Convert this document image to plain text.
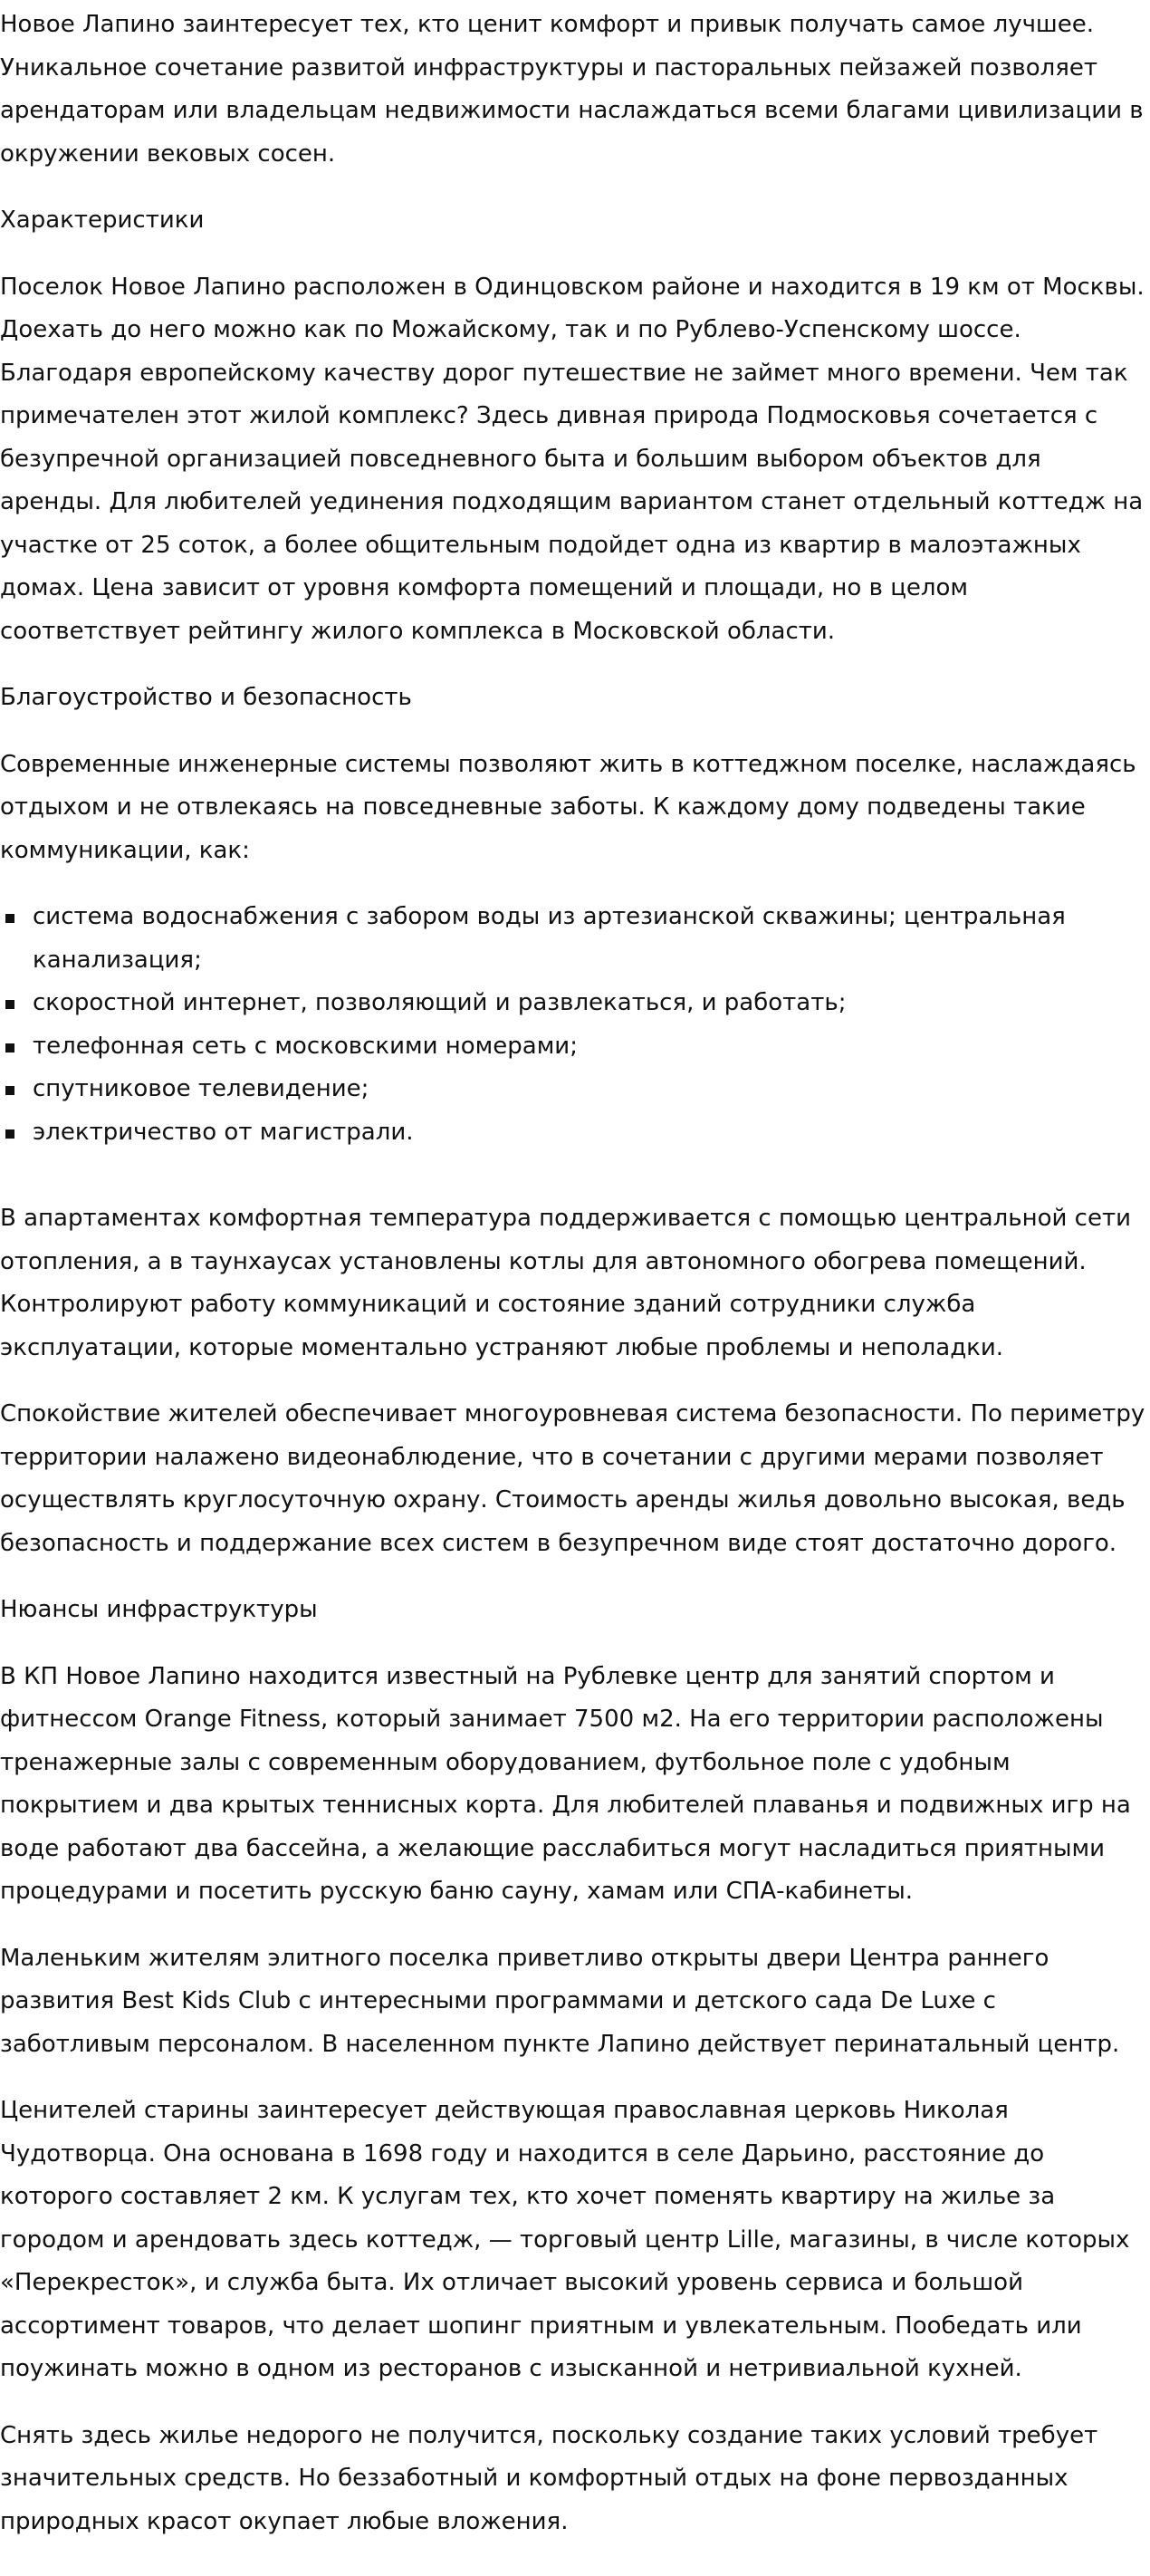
Новое Лапино заинтересует тех, кто ценит комфорт и привык получать самое лучшее. Уникальное сочетание развитой инфраструктуры и пасторальных пейзажей позволяет арендаторам или владельцам недвижимости наслаждаться всеми благами цивилизации в окружении вековых сосен.

Характеристики

Поселок Новое Лапино расположен в Одинцовском районе и находится в 19 км от Москвы. Доехать до него можно как по Можайскому, так и по Рублево-Успенскому шоссе. Благодаря европейскому качеству дорог путешествие не займет много времени. Чем так примечателен этот жилой комплекс? Здесь дивная природа Подмосковья сочетается с безупречной организацией повседневного быта и большим выбором объектов для аренды. Для любителей уединения подходящим вариантом станет отдельный коттедж на участке от 25 соток, а более общительным подойдет одна из квартир в малоэтажных домах. Цена зависит от уровня комфорта помещений и площади, но в целом соответствует рейтингу жилого комплекса в Московской области.

Благоустройство и безопасность

Современные инженерные системы позволяют жить в коттеджном поселке, наслаждаясь отдыхом и не отвлекаясь на повседневные заботы. К каждому дому подведены такие коммуникации, как:

система водоснабжения с забором воды из артезианской скважины; центральная канализация;
скоростной интернет, позволяющий и развлекаться, и работать;
телефонная сеть с московскими номерами;
спутниковое телевидение;
электричество от магистрали.

В апартаментах комфортная температура поддерживается с помощью центральной сети отопления, а в таунхаусах установлены котлы для автономного обогрева помещений. Контролируют работу коммуникаций и состояние зданий сотрудники служба эксплуатации, которые моментально устраняют любые проблемы и неполадки.

Спокойствие жителей обеспечивает многоуровневая система безопасности. По периметру территории налажено видеонаблюдение, что в сочетании с другими мерами позволяет осуществлять круглосуточную охрану. Стоимость аренды жилья довольно высокая, ведь безопасность и поддержание всех систем в безупречном виде стоят достаточно дорого.

Нюансы инфраструктуры

В КП Новое Лапино находится известный на Рублевке центр для занятий спортом и фитнессом Orange Fitness, который занимает 7500 м2. На его территории расположены тренажерные залы с современным оборудованием, футбольное поле с удобным покрытием и два крытых теннисных корта. Для любителей плаванья и подвижных игр на воде работают два бассейна, а желающие расслабиться могут насладиться приятными процедурами и посетить русскую баню сауну, хамам или СПА-кабинеты.

Маленьким жителям элитного поселка приветливо открыты двери Центра раннего развития Best Kids Club с интересными программами и детского сада De Luxe с заботливым персоналом. В населенном пункте Лапино действует перинатальный центр.

Ценителей старины заинтересует действующая православная церковь Николая Чудотворца. Она основана в 1698 году и находится в селе Дарьино, расстояние до которого составляет 2 км. К услугам тех, кто хочет поменять квартиру на жилье за городом и арендовать здесь коттедж, — торговый центр Lille, магазины, в числе которых «Перекресток», и служба быта. Их отличает высокий уровень сервиса и большой ассортимент товаров, что делает шопинг приятным и увлекательным. Пообедать или поужинать можно в одном из ресторанов с изысканной и нетривиальной кухней.

Снять здесь жилье недорого не получится, поскольку создание таких условий требует значительных средств. Но беззаботный и комфортный отдых на фоне первозданных природных красот окупает любые вложения.
